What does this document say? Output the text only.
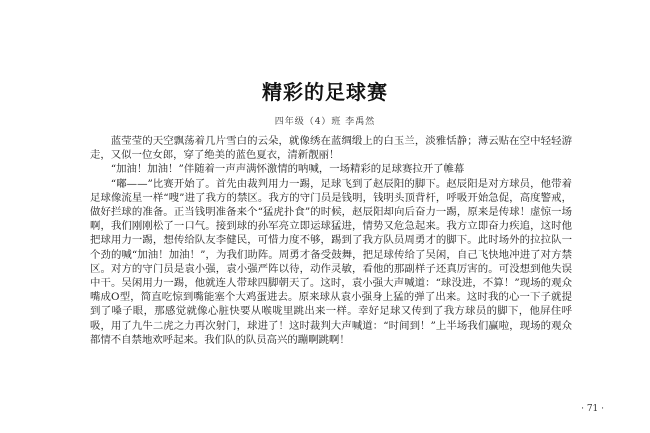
精彩的足球赛
四年级（4）班 李禹然

蓝莹莹的天空飘荡着几片雪白的云朵，就像绣在蓝绸缎上的白玉兰，淡雅恬静；薄云贴在空中轻轻游走，又似一位女郎，穿了绝美的蓝色夏衣，清新靓丽！

“加油！加油！”伴随着一声声满怀激情的呐喊，一场精彩的足球赛拉开了帷幕

“嘟——”比赛开始了。首先由裁判用力一踢，足球飞到了赵辰阳的脚下。赵辰阳是对方球员，他带着足球像流星一样“嗖”进了我方的禁区。我方的守门员是钱明，钱明头顶背杆，呼吸开始急促，高度警戒，做好拦球的准备。正当钱明准备来个“猛虎扑食”的时候，赵辰阳却向后奋力一踢，原来是传球！虚惊一场啊，我们刚刚松了一口气。接到球的孙军亮立即运球猛进，情势又危急起来。我方立即奋力疾追，这时他把球用力一踢，想传给队友李健民，可惜力度不够，踢到了我方队员周勇才的脚下。此时场外的拉拉队一个劲的喊“加油！加油！”，为我们助阵。周勇才备受鼓舞，把足球传给了吴闲，自己飞快地冲进了对方禁区。对方的守门员是袁小强，袁小强严阵以待，动作灵敏，看他的那副样子还真厉害的。可没想到他失误中干。吴闲用力一踢，他就连人带球四脚朝天了。这时，袁小强大声喊道：“球没进，不算！”现场的观众嘴成O型，简直吃惊到嘴能塞个大鸡蛋进去。原来球从袁小强身上猛的弹了出来。这时我的心一下子就提到了嗓子眼，那感觉就像心脏快要从喉咙里跳出来一样。幸好足球又传到了我方球员的脚下，他屏住呼吸，用了九牛二虎之力再次射门，球进了！这时裁判大声喊道：“时间到！”上半场我们赢啦，现场的观众都情不自禁地欢呼起来。我们队的队员高兴的蹦啊跳啊！

· 71 ·
